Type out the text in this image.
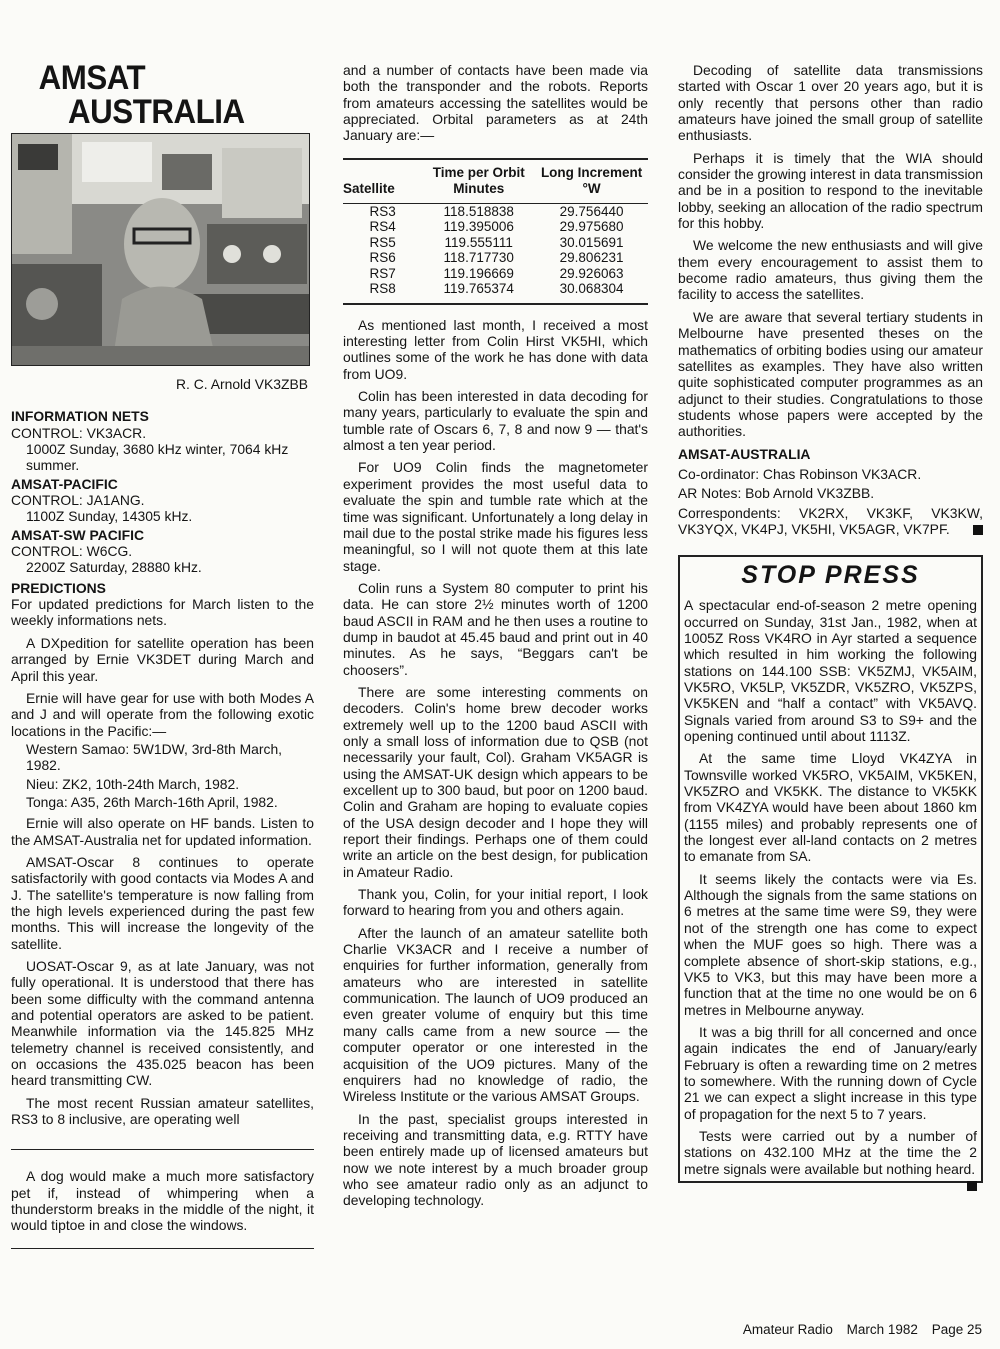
AMSAT
AUSTRALIA
R. C. Arnold VK3ZBB
INFORMATION NETS
CONTROL: VK3ACR.
1000Z Sunday, 3680 kHz winter, 7064 kHz summer.
AMSAT-PACIFIC
CONTROL: JA1ANG.
1100Z Sunday, 14305 kHz.
AMSAT-SW PACIFIC
CONTROL: W6CG.
2200Z Saturday, 28880 kHz.
PREDICTIONS

For updated predictions for March listen to the weekly informations nets.

A DXpedition for satellite operation has been arranged by Ernie VK3DET during March and April this year.

Ernie will have gear for use with both Modes A and J and will operate from the following exotic locations in the Pacific:—

Western Samao: 5W1DW, 3rd-8th March, 1982.
Nieu: ZK2, 10th-24th March, 1982.
Tonga: A35, 26th March-16th April, 1982.

Ernie will also operate on HF bands. Listen to the AMSAT-Australia net for updated information.

AMSAT-Oscar 8 continues to operate satisfactorily with good contacts via Modes A and J. The satellite's temperature is now falling from the high levels experienced during the past few months. This will increase the longevity of the satellite.

UOSAT-Oscar 9, as at late January, was not fully operational. It is understood that there has been some difficulty with the command antenna and potential operators are asked to be patient. Meanwhile information via the 145.825 MHz telemetry channel is received consistently, and on occasions the 435.025 beacon has been heard transmitting CW.

The most recent Russian amateur satellites, RS3 to 8 inclusive, are operating well

A dog would make a much more satisfactory pet if, instead of whimpering when a thunderstorm breaks in the middle of the night, it would tiptoe in and close the windows.

and a number of contacts have been made via both the transponder and the robots. Reports from amateurs accessing the satellites would be appreciated. Orbital parameters as at 24th January are:—

Satellite	Time per Orbit Minutes	Long Increment °W
RS3	118.518838	29.756440
RS4	119.395006	29.975680
RS5	119.555111	30.015691
RS6	118.717730	29.806231
RS7	119.196669	29.926063
RS8	119.765374	30.068304

As mentioned last month, I received a most interesting letter from Colin Hirst VK5HI, which outlines some of the work he has done with data from UO9.

Colin has been interested in data decoding for many years, particularly to evaluate the spin and tumble rate of Oscars 6, 7, 8 and now 9 — that's almost a ten year period.

For UO9 Colin finds the magnetometer experiment provides the most useful data to evaluate the spin and tumble rate which at the time was significant. Unfortunately a long delay in mail due to the postal strike made his figures less meaningful, so I will not quote them at this late stage.

Colin runs a System 80 computer to print his data. He can store 2½ minutes worth of 1200 baud ASCII in RAM and he then uses a routine to dump in baudot at 45.45 baud and print out in 40 minutes. As he says, “Beggars can't be choosers”.

There are some interesting comments on decoders. Colin's home brew decoder works extremely well up to the 1200 baud ASCII with only a small loss of information due to QSB (not necessarily your fault, Col). Graham VK5AGR is using the AMSAT-UK design which appears to be excellent up to 300 baud, but poor on 1200 baud. Colin and Graham are hoping to evaluate copies of the USA design decoder and I hope they will report their findings. Perhaps one of them could write an article on the best design, for publication in Amateur Radio.

Thank you, Colin, for your initial report, I look forward to hearing from you and others again.

After the launch of an amateur satellite both Charlie VK3ACR and I receive a number of enquiries for further information, generally from amateurs who are interested in satellite communication. The launch of UO9 produced an even greater volume of enquiry but this time many calls came from a new source — the computer operator or one interested in the acquisition of the UO9 pictures. Many of the enquirers had no knowledge of radio, the Wireless Institute or the various AMSAT Groups.

In the past, specialist groups interested in receiving and transmitting data, e.g. RTTY have been entirely made up of licensed amateurs but now we note interest by a much broader group who see amateur radio only as an adjunct to developing technology.

Decoding of satellite data transmissions started with Oscar 1 over 20 years ago, but it is only recently that persons other than radio amateurs have joined the small group of satellite enthusiasts.

Perhaps it is timely that the WIA should consider the growing interest in data transmission and be in a position to respond to the inevitable lobby, seeking an allocation of the radio spectrum for this hobby.

We welcome the new enthusiasts and will give them every encouragement to assist them to become radio amateurs, thus giving them the facility to access the satellites.

We are aware that several tertiary students in Melbourne have presented theses on the mathematics of orbiting bodies using our amateur satellites as examples. They have also written quite sophisticated computer programmes as an adjunct to their studies. Congratulations to those students whose papers were accepted by the authorities.

AMSAT-AUSTRALIA
Co-ordinator: Chas Robinson VK3ACR.
AR Notes: Bob Arnold VK3ZBB.
Correspondents: VK2RX, VK3KF, VK3KW, VK3YQX, VK4PJ, VK5HI, VK5AGR, VK7PF.
STOP PRESS

A spectacular end-of-season 2 metre opening occurred on Sunday, 31st Jan., 1982, when at 1005Z Ross VK4RO in Ayr started a sequence which resulted in him working the following stations on 144.100 SSB: VK5ZMJ, VK5AIM, VK5RO, VK5LP, VK5ZDR, VK5ZRO, VK5ZPS, VK5KEN and “half a contact” with VK5AVQ. Signals varied from around S3 to S9+ and the opening continued until about 1113Z.

At the same time Lloyd VK4ZYA in Townsville worked VK5RO, VK5AIM, VK5KEN, VK5ZRO and VK5KK. The distance to VK5KK from VK4ZYA would have been about 1860 km (1155 miles) and probably represents one of the longest ever all-land contacts on 2 metres to emanate from SA.

It seems likely the contacts were via Es. Although the signals from the same stations on 6 metres at the same time were S9, they were not of the strength one has come to expect when the MUF goes so high. There was a complete absence of short-skip stations, e.g., VK5 to VK3, but this may have been more a function that at the time no one would be on 6 metres in Melbourne anyway.

It was a big thrill for all concerned and once again indicates the end of January/early February is often a rewarding time on 2 metres to somewhere. With the running down of Cycle 21 we can expect a slight increase in this type of propagation for the next 5 to 7 years.

Tests were carried out by a number of stations on 432.100 MHz at the time the 2 metre signals were available but nothing heard.

Amateur Radio March 1982 Page 25
